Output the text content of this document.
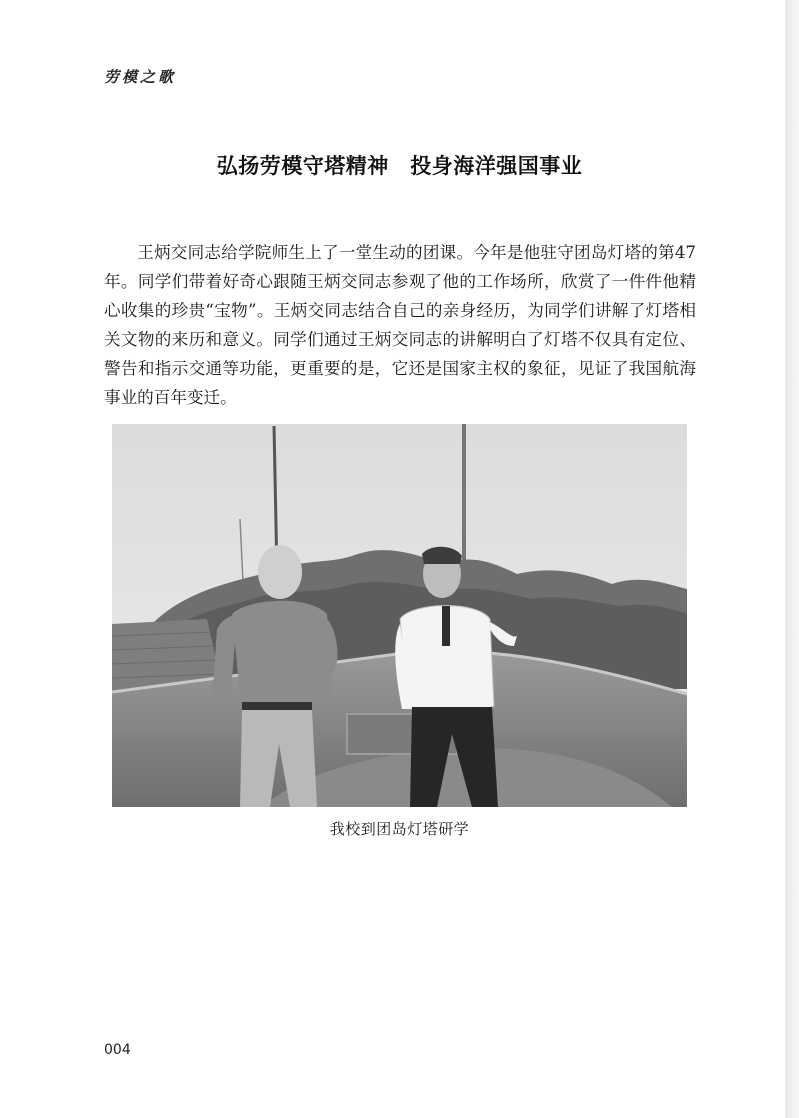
劳模之歌
弘扬劳模守塔精神　投身海洋强国事业

王炳交同志给学院师生上了一堂生动的团课。今年是他驻守团岛灯塔的第47年。同学们带着好奇心跟随王炳交同志参观了他的工作场所，欣赏了一件件他精心收集的珍贵“宝物”。王炳交同志结合自己的亲身经历，为同学们讲解了灯塔相关文物的来历和意义。同学们通过王炳交同志的讲解明白了灯塔不仅具有定位、警告和指示交通等功能，更重要的是，它还是国家主权的象征，见证了我国航海事业的百年变迁。

我校到团岛灯塔研学
004
